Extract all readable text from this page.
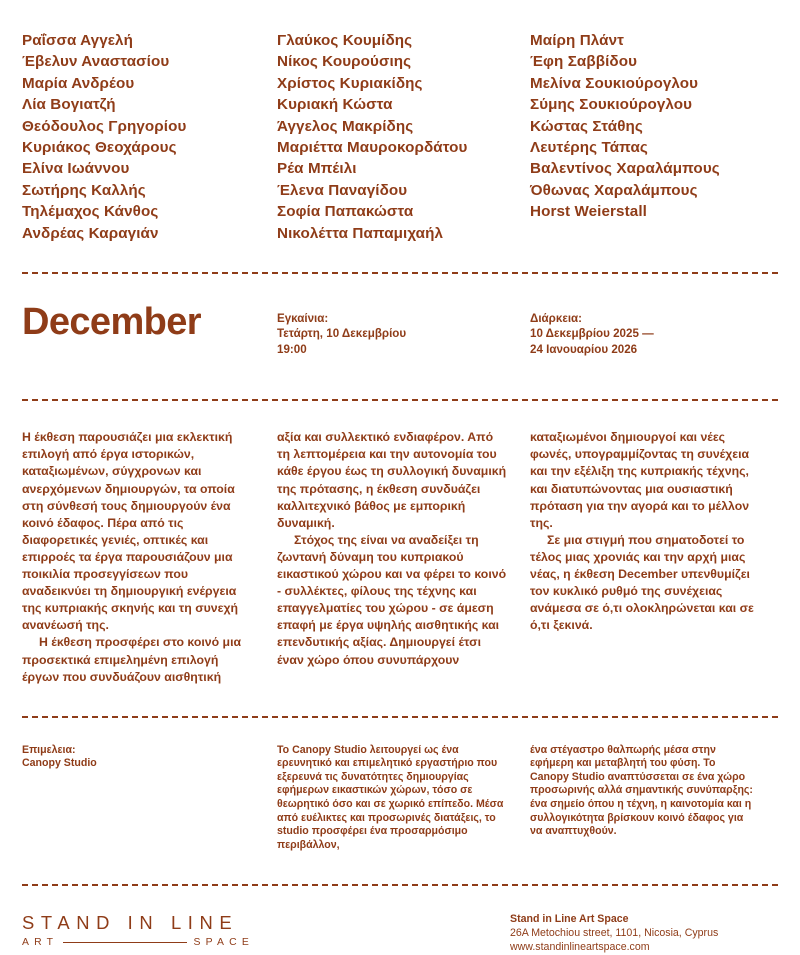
Ραΐσσα Αγγελή
Έβελυν Αναστασίου
Μαρία Ανδρέου
Λία Βογιατζή
Θεόδουλος Γρηγορίου
Κυριάκος Θεοχάρους
Ελίνα Ιωάννου
Σωτήρης Καλλής
Τηλέμαχος Κάνθος
Ανδρέας Καραγιάν
Γλαύκος Κουμίδης
Νίκος Κουρούσιης
Χρίστος Κυριακίδης
Κυριακή Κώστα
Άγγελος Μακρίδης
Μαριέττα Μαυροκορδάτου
Ρέα Μπέιλι
Έλενα Παναγίδου
Σοφία Παπακώστα
Νικολέττα Παπαμιχαήλ
Μαίρη Πλάντ
Έφη Σαββίδου
Μελίνα Σουκιούρογλου
Σύμης Σουκιούρογλου
Κώστας Στάθης
Λευτέρης Τάπας
Βαλεντίνος Χαραλάμπους
Όθωνας Χαραλάμπους
Horst Weierstall
December	Εγκαίνια:
Τετάρτη, 10 Δεκεμβρίου
19:00
Διάρκεια:
10 Δεκεμβρίου 2025 —
24 Ιανουαρίου 2026

Η έκθεση παρουσιάζει μια εκλεκτική επιλογή από έργα ιστορικών, καταξιωμένων, σύγχρονων και ανερχόμενων δημιουργών, τα οποία στη σύνθεσή τους δημιουργούν ένα κοινό έδαφος. Πέρα από τις διαφορετικές γενιές, οπτικές και επιρροές τα έργα παρουσιάζουν μια ποικιλία προσεγγίσεων που αναδεικνύει τη δημιουργική ενέργεια της κυπριακής σκηνής και τη συνεχή ανανέωσή της.

Η έκθεση προσφέρει στο κοινό μια προσεκτικά επιμελημένη επιλογή έργων που συνδυάζουν αισθητική

αξία και συλλεκτικό ενδιαφέρον. Από τη λεπτομέρεια και την αυτονομία του κάθε έργου έως τη συλλογική δυναμική της πρότασης, η έκθεση συνδυάζει καλλιτεχνικό βάθος με εμπορική δυναμική.

Στόχος της είναι να αναδείξει τη ζωντανή δύναμη του κυπριακού εικαστικού χώρου και να φέρει το κοινό - συλλέκτες, φίλους της τέχνης και επαγγελματίες του χώρου - σε άμεση επαφή με έργα υψηλής αισθητικής και επενδυτικής αξίας. Δημιουργεί έτσι έναν χώρο όπου συνυπάρχουν

καταξιωμένοι δημιουργοί και νέες φωνές, υπογραμμίζοντας τη συνέχεια και την εξέλιξη της κυπριακής τέχνης, και διατυπώνοντας μια ουσιαστική πρόταση για την αγορά και το μέλλον της.

Σε μια στιγμή που σηματοδοτεί το τέλος μιας χρονιάς και την αρχή μιας νέας, η έκθεση December υπενθυμίζει τον κυκλικό ρυθμό της συνέχειας ανάμεσα σε ό,τι ολοκληρώνεται και σε ό,τι ξεκινά.

Επιμελεια:
Canopy Studio

Το Canopy Studio λειτουργεί ως ένα ερευνητικό και επιμελητικό εργαστήριο που εξερευνά τις δυνατότητες δημιουργίας εφήμερων εικαστικών χώρων, τόσο σε θεωρητικό όσο και σε χωρικό επίπεδο. Μέσα από ευέλικτες και προσωρινές διατάξεις, το studio προσφέρει ένα προσαρμόσιμο περιβάλλον,

ένα στέγαστρο θαλπωρής μέσα στην εφήμερη και μεταβλητή του φύση. Το Canopy Studio αναπτύσσεται σε ένα χώρο προσωρινής αλλά σημαντικής συνύπαρξης: ένα σημείο όπου η τέχνη, η καινοτομία και η συλλογικότητα βρίσκουν κοινό έδαφος για να αναπτυχθούν.

STAND IN LINE
ART	SPACE
Stand in Line Art Space
26A Metochiou street, 1101, Nicosia, Cyprus
www.standinlineartspace.com
